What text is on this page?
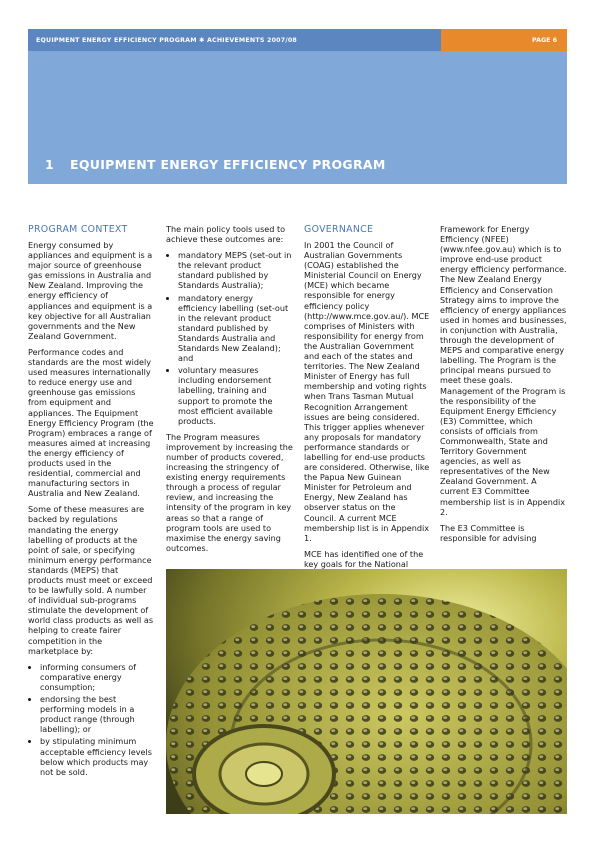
EQUIPMENT ENERGY EFFICIENCY PROGRAM ✱ ACHIEVEMENTS 2007/08	PAGE 6
1 EQUIPMENT ENERGY EFFICIENCY PROGRAM
PROGRAM CONTEXT

Energy consumed by appliances and equipment is a major source of greenhouse gas emissions in Australia and New Zealand. Improving the energy efficiency of appliances and equipment is a key objective for all Australian governments and the New Zealand Government.

Performance codes and standards are the most widely used measures internationally to reduce energy use and greenhouse gas emissions from equipment and appliances. The Equipment Energy Efficiency Program (the Program) embraces a range of measures aimed at increasing the energy efficiency of products used in the residential, commercial and manufacturing sectors in Australia and New Zealand.

Some of these measures are backed by regulations mandating the energy labelling of products at the point of sale, or specifying minimum energy performance standards (MEPS) that products must meet or exceed to be lawfully sold. A number of individual sub-programs stimulate the development of world class products as well as helping to create fairer competition in the marketplace by:

• informing consumers of comparative energy consumption;
• endorsing the best performing models in a product range (through labelling); or
• by stipulating minimum acceptable efficiency levels below which products may not be sold.

The main policy tools used to achieve these outcomes are:

• mandatory MEPS (set-out in the relevant product standard published by Standards Australia);
• mandatory energy efficiency labelling (set-out in the relevant product standard published by Standards Australia and Standards New Zealand); and
• voluntary measures including endorsement labelling, training and support to promote the most efficient available products.

The Program measures improvement by increasing the number of products covered, increasing the stringency of existing energy requirements through a process of regular review, and increasing the intensity of the program in key areas so that a range of program tools are used to maximise the energy saving outcomes.

GOVERNANCE

In 2001 the Council of Australian Governments (COAG) established the Ministerial Council on Energy (MCE) which became responsible for energy efficiency policy (http://www.mce.gov.au/). MCE comprises of Ministers with responsibility for energy from the Australian Government and each of the states and territories. The New Zealand Minister of Energy has full membership and voting rights when Trans Tasman Mutual Recognition Arrangement issues are being considered. This trigger applies whenever any proposals for mandatory performance standards or labelling for end-use products are considered. Otherwise, like the Papua New Guinean Minister for Petroleum and Energy, New Zealand has observer status on the Council. A current MCE membership list is in Appendix 1.

MCE has identified one of the key goals for the National

Framework for Energy Efficiency (NFEE) (www.nfee.gov.au) which is to improve end-use product energy efficiency performance. The New Zealand Energy Efficiency and Conservation Strategy aims to improve the efficiency of energy appliances used in homes and businesses, in conjunction with Australia, through the development of MEPS and comparative energy labelling. The Program is the principal means pursued to meet these goals. Management of the Program is the responsibility of the Equipment Energy Efficiency (E3) Committee, which consists of officials from Commonwealth, State and Territory Government agencies, as well as representatives of the New Zealand Government. A current E3 Committee membership list is in Appendix 2.

The E3 Committee is responsible for advising
